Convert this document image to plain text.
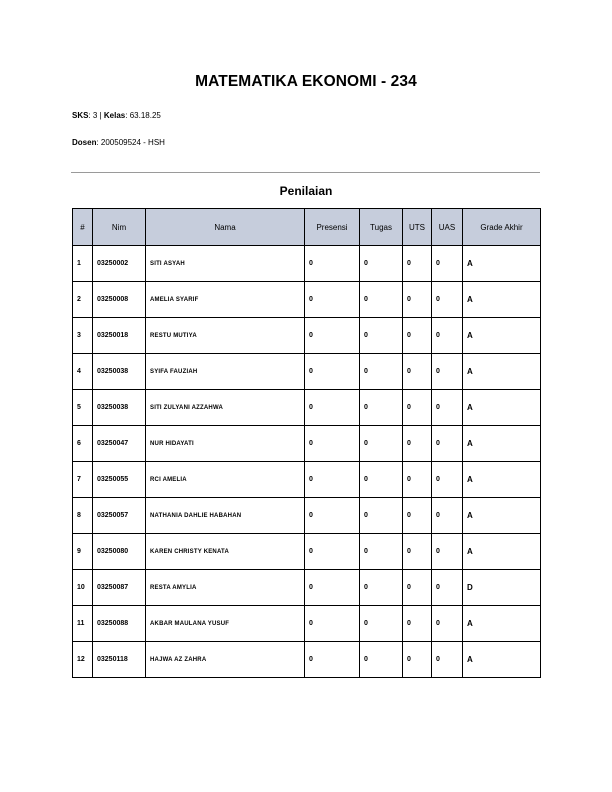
MATEMATIKA EKONOMI - 234
SKS: 3 | Kelas: 63.18.25
Dosen: 200509524 - HSH
Penilaian
#	Nim	Nama	Presensi	Tugas	UTS	UAS	Grade Akhir
1	03250002	SITI ASYAH	0	0	0	0	A
2	03250008	AMELIA SYARIF	0	0	0	0	A
3	03250018	RESTU MUTIYA	0	0	0	0	A
4	03250038	SYIFA FAUZIAH	0	0	0	0	A
5	03250038	SITI ZULYANI AZZAHWA	0	0	0	0	A
6	03250047	NUR HIDAYATI	0	0	0	0	A
7	03250055	RCI AMELIA	0	0	0	0	A
8	03250057	NATHANIA DAHLIE HABAHAN	0	0	0	0	A
9	03250080	KAREN CHRISTY KENATA	0	0	0	0	A
10	03250087	RESTA AMYLIA	0	0	0	0	D
11	03250088	AKBAR MAULANA YUSUF	0	0	0	0	A
12	03250118	HAJWA AZ ZAHRA	0	0	0	0	A
